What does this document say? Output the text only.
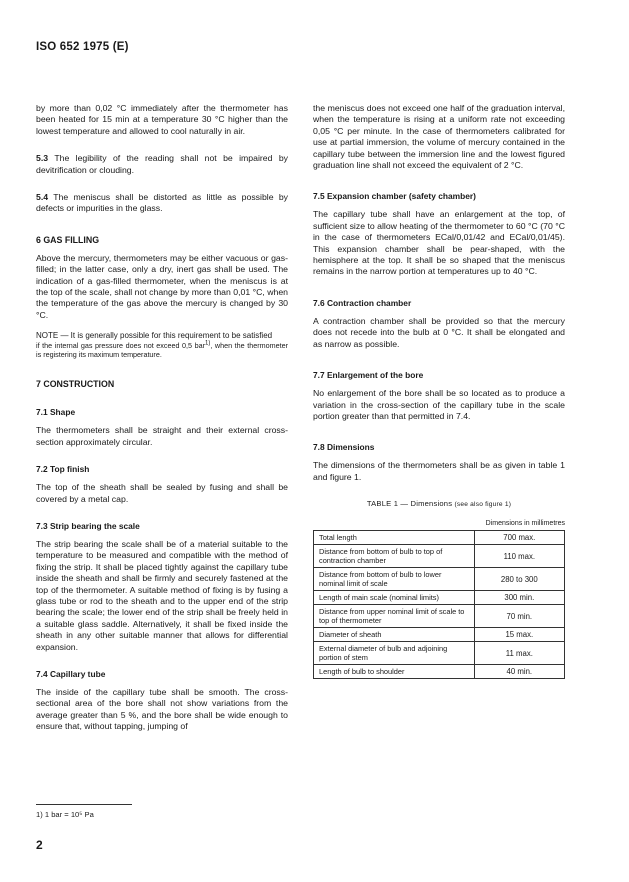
ISO 652 1975 (E)

by more than 0,02 °C immediately after the thermometer has been heated for 15 min at a temperature 30 °C higher than the lowest temperature and allowed to cool naturally in air.

5.3 The legibility of the reading shall not be impaired by devitrification or clouding.

5.4 The meniscus shall be distorted as little as possible by defects or impurities in the glass.

6 GAS FILLING

Above the mercury, thermometers may be either vacuous or gas-filled; in the latter case, only a dry, inert gas shall be used. The indication of a gas-filled thermometer, when the meniscus is at the top of the scale, shall not change by more than 0,01 °C, when the temperature of the gas above the mercury is changed by 30 °C.

NOTE — It is generally possible for this requirement to be satisfied

if the internal gas pressure does not exceed 0,5 bar$^{1)}$, when the thermometer is registering its maximum temperature.

7 CONSTRUCTION
7.1 Shape

The thermometers shall be straight and their external cross-section approximately circular.

7.2 Top finish

The top of the sheath shall be sealed by fusing and shall be covered by a metal cap.

7.3 Strip bearing the scale

The strip bearing the scale shall be of a material suitable to the temperature to be measured and compatible with the method of fixing the strip. It shall be placed tightly against the capillary tube inside the sheath and shall be firmly and securely fastened at the top of the thermometer. A suitable method of fixing is by fusing a glass tube or rod to the sheath and to the upper end of the strip bearing the scale; the lower end of the strip shall be freely held in a suitable glass saddle. Alternatively, it shall be fixed inside the sheath in any other suitable manner that allows for differential expansion.

7.4 Capillary tube

The inside of the capillary tube shall be smooth. The cross-sectional area of the bore shall not show variations from the average greater than 5 %, and the bore shall be wide enough to ensure that, without tapping, jumping of

the meniscus does not exceed one half of the graduation interval, when the temperature is rising at a uniform rate not exceeding 0,05 °C per minute. In the case of thermometers calibrated for use at partial immersion, the volume of mercury contained in the capillary tube between the immersion line and the lowest figured graduation line shall not exceed the equivalent of 2 °C.

7.5 Expansion chamber (safety chamber)

The capillary tube shall have an enlargement at the top, of sufficient size to allow heating of the thermometer to 60 °C (70 °C in the case of thermometers ECal/0,01/42 and ECal/0,01/45). This expansion chamber shall be pear-shaped, with the hemisphere at the top. It shall be so shaped that the meniscus remains in the narrow portion at temperatures up to 40 °C.

7.6 Contraction chamber

A contraction chamber shall be provided so that the mercury does not recede into the bulb at 0 °C. It shall be elongated and as narrow as possible.

7.7 Enlargement of the bore

No enlargement of the bore shall be so located as to produce a variation in the cross-section of the capillary tube in the scale portion greater than that permitted in 7.4.

7.8 Dimensions

The dimensions of the thermometers shall be as given in table 1 and figure 1.

TABLE 1 — Dimensions (see also figure 1)
Dimensions in millimetres
Total length	700 max.
Distance from bottom of bulb to top of contraction chamber	110 max.
Distance from bottom of bulb to lower nominal limit of scale	280 to 300
Length of main scale (nominal limits)	300 min.
Distance from upper nominal limit of scale to top of thermometer	70 min.
Diameter of sheath	15 max.
External diameter of bulb and adjoining portion of stem	11 max.
Length of bulb to shoulder	40 min.
1) 1 bar = 10⁵ Pa
2
